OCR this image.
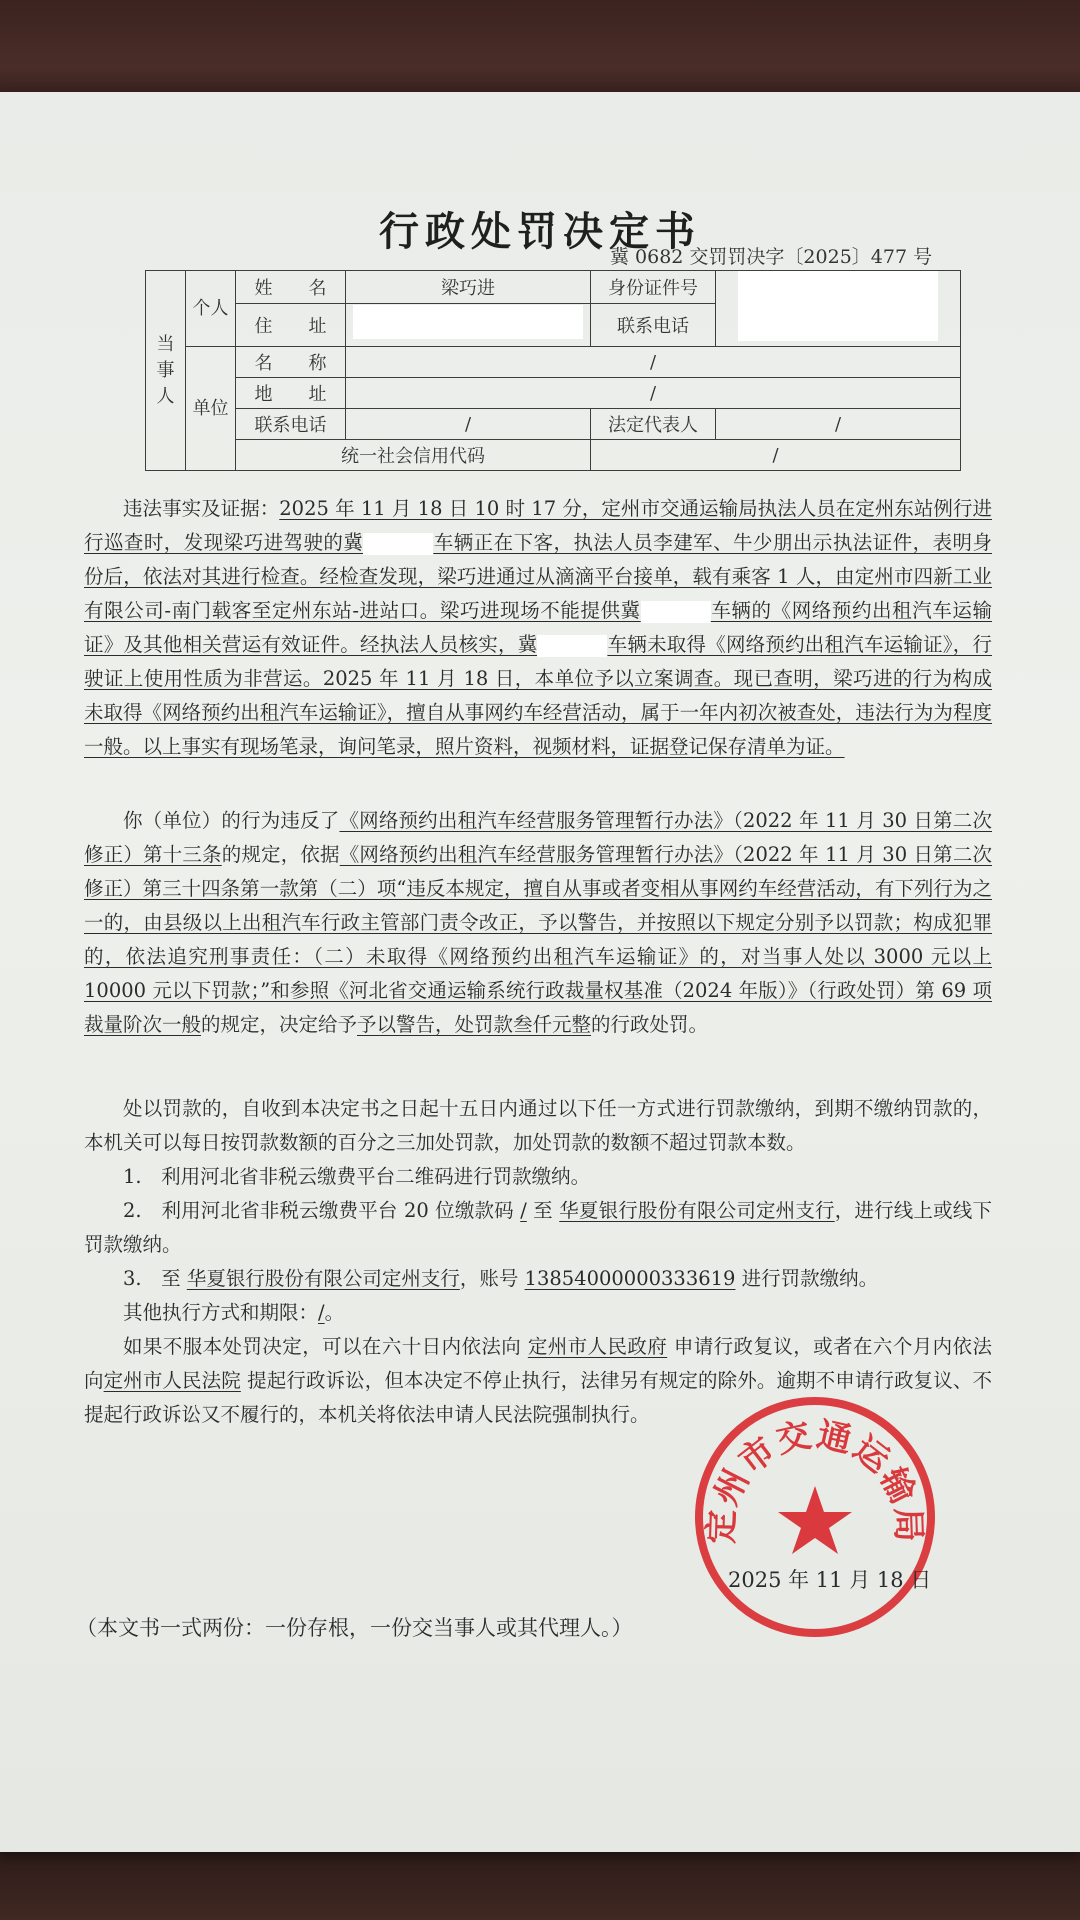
行政处罚决定书
冀 0682 交罚罚决字〔2025〕477 号
当事人	个人	姓　　名	梁巧进	身份证件号	
		住　　址		联系电话	
	单位	名　　称	/		
		地　　址	/		
		联系电话	/	法定代表人	/
		统一社会信用代码		/	

违法事实及证据：2025 年 11 月 18 日 10 时 17 分，定州市交通运输局执法人员在定州东站例行进行巡查时，发现梁巧进驾驶的冀	车辆正在下客，执法人员李建军、牛少朋出示执法证件，表明身份后，依法对其进行检查。经检查发现，梁巧进通过从滴滴平台接单，载有乘客 1 人，由定州市四新工业有限公司-南门载客至定州东站-进站口。梁巧进现场不能提供冀	车辆的《网络预约出租汽车运输证》及其他相关营运有效证件。经执法人员核实，冀	车辆未取得《网络预约出租汽车运输证》，行驶证上使用性质为非营运。2025 年 11 月 18 日，本单位予以立案调查。现已查明，梁巧进的行为构成未取得《网络预约出租汽车运输证》，擅自从事网约车经营活动，属于一年内初次被查处，违法行为为程度一般。以上事实有现场笔录，询问笔录，照片资料，视频材料，证据登记保存清单为证。

你（单位）的行为违反了《网络预约出租汽车经营服务管理暂行办法》（2022 年 11 月 30 日第二次修正）第十三条的规定，依据《网络预约出租汽车经营服务管理暂行办法》（2022 年 11 月 30 日第二次修正）第三十四条第一款第（二）项“违反本规定，擅自从事或者变相从事网约车经营活动，有下列行为之一的，由县级以上出租汽车行政主管部门责令改正，予以警告，并按照以下规定分别予以罚款；构成犯罪的，依法追究刑事责任：（二）未取得《网络预约出租汽车运输证》的，对当事人处以 3000 元以上 10000 元以下罚款；”和参照《河北省交通运输系统行政裁量权基准（2024 年版）》（行政处罚）第 69 项裁量阶次一般的规定，决定给予予以警告，处罚款叁仟元整的行政处罚。

处以罚款的，自收到本决定书之日起十五日内通过以下任一方式进行罚款缴纳，到期不缴纳罚款的，本机关可以每日按罚款数额的百分之三加处罚款，加处罚款的数额不超过罚款本数。

1.　利用河北省非税云缴费平台二维码进行罚款缴纳。

2.　利用河北省非税云缴费平台 20 位缴款码 / 至 华夏银行股份有限公司定州支行，进行线上或线下罚款缴纳。

3.　至 华夏银行股份有限公司定州支行，账号 13854000000333619 进行罚款缴纳。

其他执行方式和期限：/。

如果不服本处罚决定，可以在六十日内依法向 定州市人民政府 申请行政复议，或者在六个月内依法向定州市人民法院 提起行政诉讼，但本决定不停止执行，法律另有规定的除外。逾期不申请行政复议、不提起行政诉讼又不履行的，本机关将依法申请人民法院强制执行。

定州市交通运输局
2025 年 11 月 18 日
（本文书一式两份：一份存根，一份交当事人或其代理人。）
